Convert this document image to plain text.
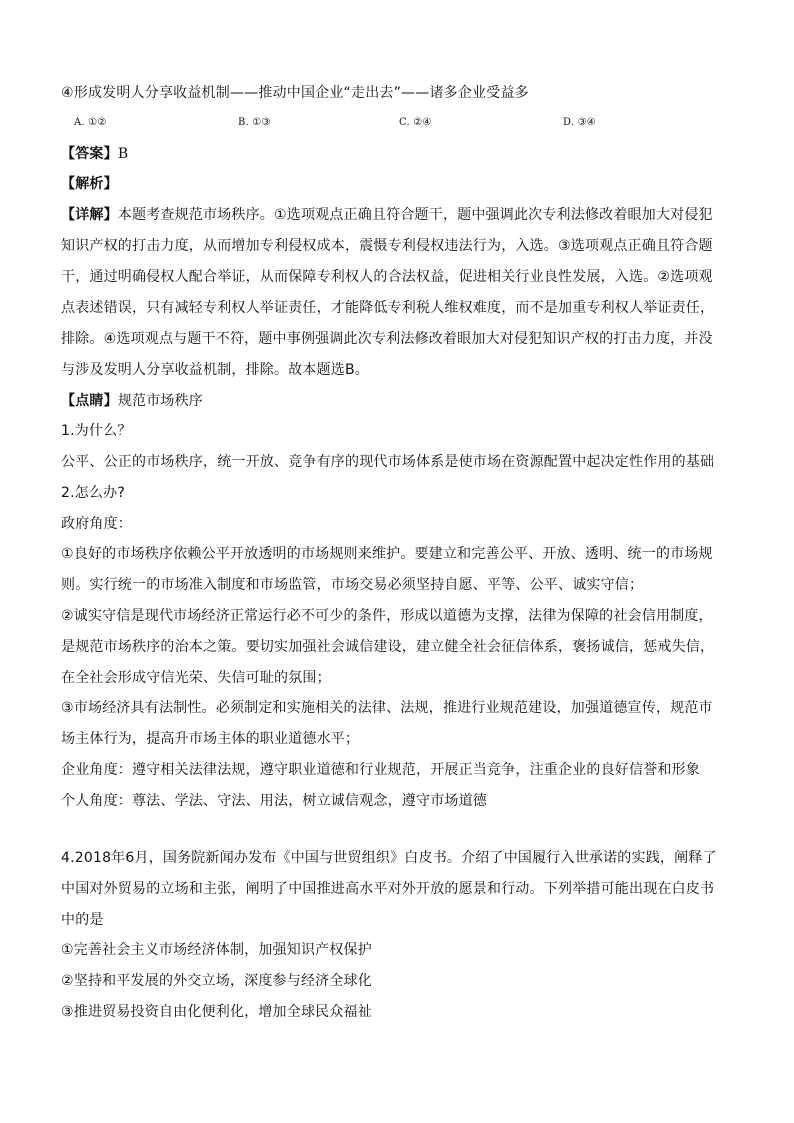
④形成发明人分享收益机制——推动中国企业“走出去”——诸多企业受益多
A. ①②	B. ①③	C. ②④	D. ③④
【答案】B
【解析】
【详解】本题考查规范市场秩序。①选项观点正确且符合题干，题中强调此次专利法修改着眼加大对侵犯
知识产权的打击力度，从而增加专利侵权成本，震慑专利侵权违法行为，入选。③选项观点正确且符合题
干，通过明确侵权人配合举证，从而保障专利权人的合法权益，促进相关行业良性发展，入选。②选项观
点表述错误，只有减轻专利权人举证责任，才能降低专利税人维权难度，而不是加重专利权人举证责任，
排除。④选项观点与题干不符，题中事例强调此次专利法修改着眼加大对侵犯知识产权的打击力度，并没
与涉及发明人分享收益机制，排除。故本题选B。
【点睛】规范市场秩序
1.为什么？
公平、公正的市场秩序，统一开放、竞争有序的现代市场体系是使市场在资源配置中起决定性作用的基础
2.怎么办?
政府角度：
①良好的市场秩序依赖公平开放透明的市场规则来维护。要建立和完善公平、开放、透明、统一的市场规
则。实行统一的市场准入制度和市场监管，市场交易必须坚持自愿、平等、公平、诚实守信；
②诚实守信是现代市场经济正常运行必不可少的条件，形成以道德为支撑，法律为保障的社会信用制度，
是规范市场秩序的治本之策。要切实加强社会诚信建设，建立健全社会征信体系，褒扬诚信，惩戒失信，
在全社会形成守信光荣、失信可耻的氛围；
③市场经济具有法制性。必须制定和实施相关的法律、法规，推进行业规范建设，加强道德宣传，规范市
场主体行为，提高升市场主体的职业道德水平；
企业角度：遵守相关法律法规，遵守职业道德和行业规范，开展正当竞争，注重企业的良好信誉和形象
个人角度：尊法、学法、守法、用法，树立诚信观念，遵守市场道德
4.2018年6月，国务院新闻办发布《中国与世贸组织》白皮书。介绍了中国履行入世承诺的实践，阐释了
中国对外贸易的立场和主张，阐明了中国推进高水平对外开放的愿景和行动。下列举措可能出现在白皮书
中的是
①完善社会主义市场经济体制，加强知识产权保护
②坚持和平发展的外交立场，深度参与经济全球化
③推进贸易投资自由化便利化，增加全球民众福祉
